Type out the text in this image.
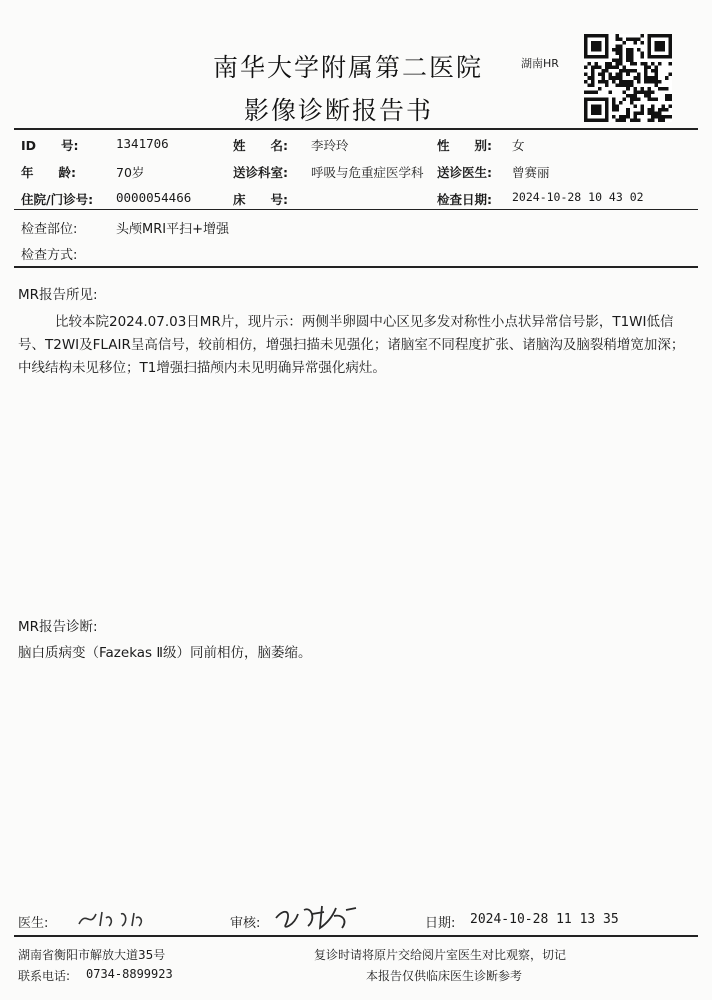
南华大学附属第二医院
影像诊断报告书
湖南HR
ID　　号:	1341706	姓　　名: 李玲玲	性　　别: 女
年　　龄:	70岁	送诊科室: 呼吸与危重症医学科 送诊医生: 曾赛丽
住院/门诊号: 0000054466	床　　号:	检查日期: 2024-10-28 10 43 02
检查部位:	头颅MRI平扫+增强
检查方式:
MR报告所见:
比较本院2024.07.03日MR片，现片示：两侧半卵圆中心区见多发对称性小点状异常信号影，T1WI低信号、T2WI及FLAIR呈高信号，较前相仿，增强扫描未见强化；诸脑室不同程度扩张、诸脑沟及脑裂稍增宽加深；中线结构未见移位；T1增强扫描颅内未见明确异常强化病灶。
MR报告诊断:
脑白质病变（Fazekas Ⅱ级）同前相仿，脑萎缩。
医生:	审核:	日期: 2024-10-28 11 13 35
湖南省衡阳市解放大道35号
联系电话: 0734-8899923
复诊时请将原片交给阅片室医生对比观察，切记
本报告仅供临床医生诊断参考
